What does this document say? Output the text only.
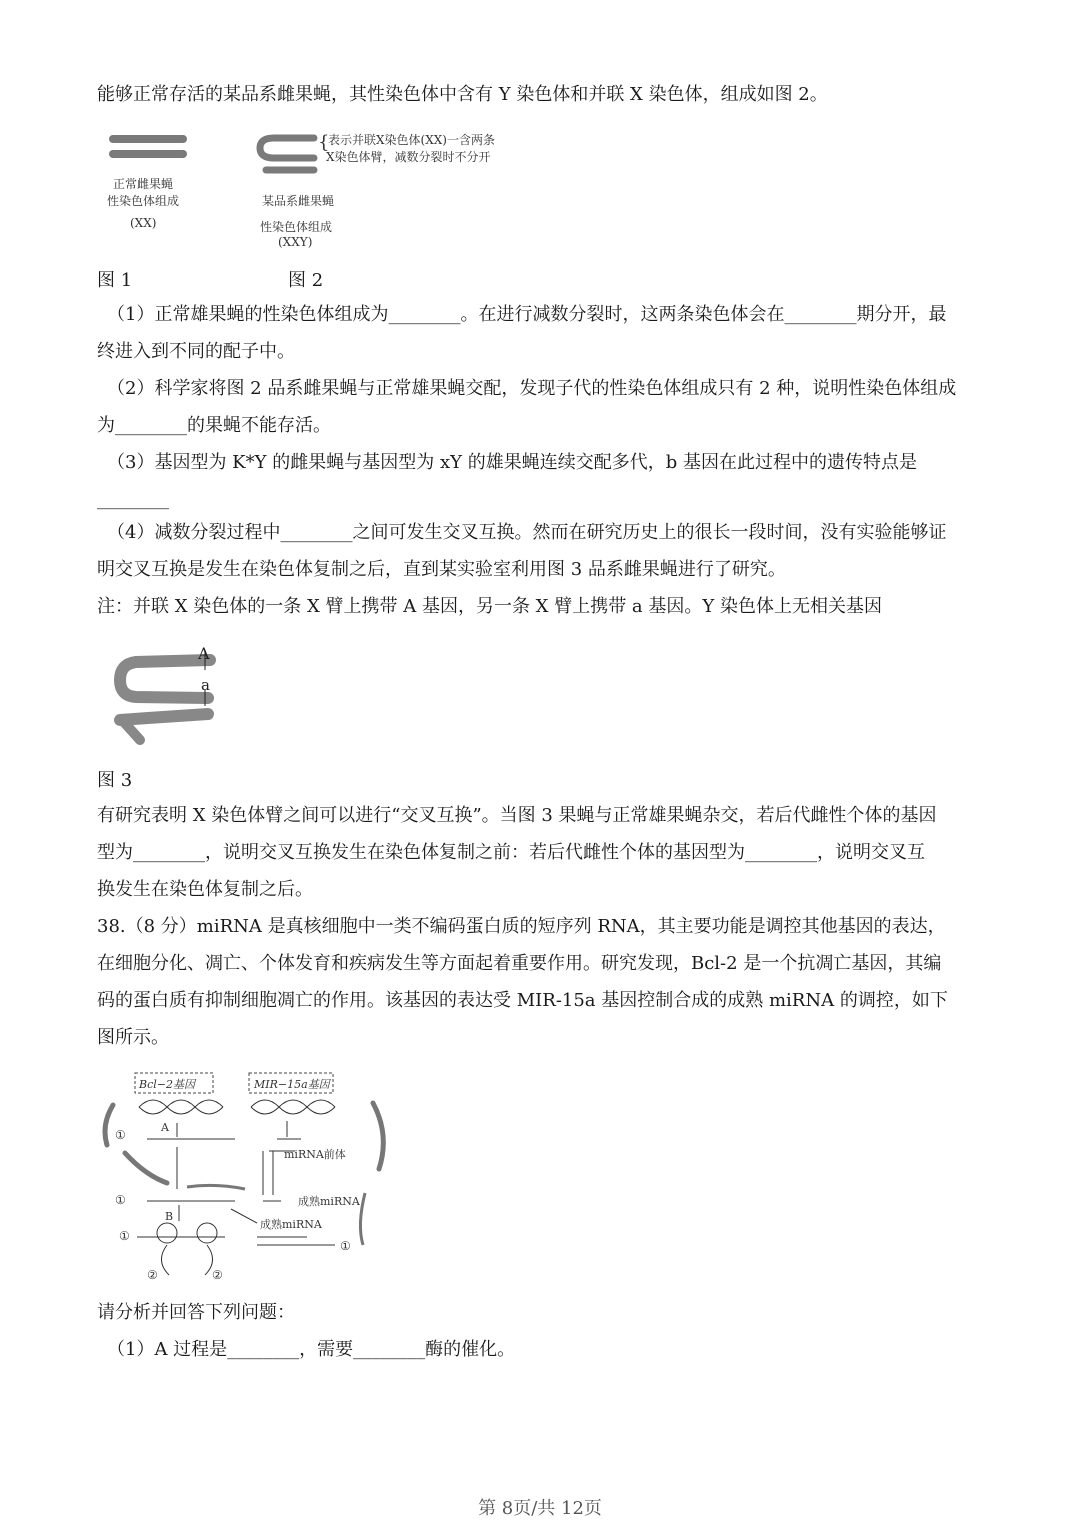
能够正常存活的某品系雌果蝇，其性染色体中含有 Y 染色体和并联 X 染色体，组成如图 2。
正常雌果蝇
性染色体组成
(XX)
{
表示并联X染色体(XX)一含两条
X染色体臂，减数分裂时不分开
某品系雌果蝇
性染色体组成
(XXY)
图 1	图 2
（1）正常雄果蝇的性染色体组成为________。在进行减数分裂时，这两条染色体会在________期分开，最
终进入到不同的配子中。
（2）科学家将图 2 品系雌果蝇与正常雄果蝇交配，发现子代的性染色体组成只有 2 种，说明性染色体组成
为________的果蝇不能存活。
（3）基因型为 K*Y 的雌果蝇与基因型为 xY 的雄果蝇连续交配多代，b 基因在此过程中的遗传特点是
________
（4）减数分裂过程中________之间可发生交叉互换。然而在研究历史上的很长一段时间，没有实验能够证
明交叉互换是发生在染色体复制之后，直到某实验室利用图 3 品系雌果蝇进行了研究。
注：并联 X 染色体的一条 X 臂上携带 A 基因，另一条 X 臂上携带 a 基因。Y 染色体上无相关基因
A
a
图 3
有研究表明 X 染色体臂之间可以进行“交叉互换”。当图 3 果蝇与正常雄果蝇杂交，若后代雌性个体的基因
型为________，说明交叉互换发生在染色体复制之前：若后代雌性个体的基因型为________，说明交叉互
换发生在染色体复制之后。
38.（8 分）miRNA 是真核细胞中一类不编码蛋白质的短序列 RNA，其主要功能是调控其他基因的表达，
在细胞分化、凋亡、个体发育和疾病发生等方面起着重要作用。研究发现，Bcl-2 是一个抗凋亡基因，其编
码的蛋白质有抑制细胞凋亡的作用。该基因的表达受 MIR-15a 基因控制合成的成熟 miRNA 的调控，如下
图所示。
Bcl−2基因	MIR−15a基因
①
A
miRNA前体
①	成熟miRNA
B
成熟miRNA
①
①
②	②
请分析并回答下列问题：
（1）A 过程是________，需要________酶的催化。
第 8页/共 12页
